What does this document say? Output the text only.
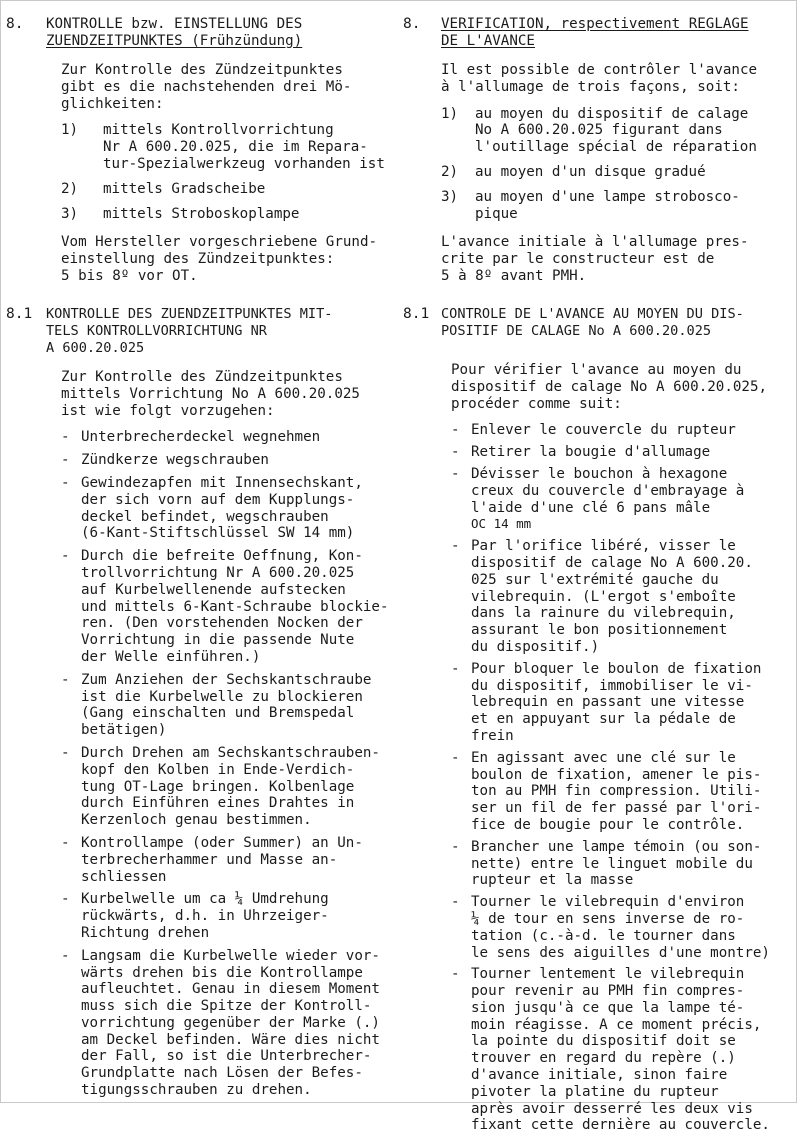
8.	8.
KONTROLLE bzw. EINSTELLUNG DES
ZUENDZEITPUNKTES (Frühzündung)
VERIFICATION, respectivement REGLAGE
DE L'AVANCE
Zur Kontrolle des Zündzeitpunktes
gibt es die nachstehenden drei Mö-
glichkeiten:
1) mittels Kontrollvorrichtung
Nr A 600.20.025, die im Repara-
tur-Spezialwerkzeug vorhanden ist
2) mittels Gradscheibe
3) mittels Stroboskoplampe
Vom Hersteller vorgeschriebene Grund-
einstellung des Zündzeitpunktes:
5 bis 8º vor OT.
Il est possible de contrôler l'avance
à l'allumage de trois façons, soit:
1) au moyen du dispositif de calage
No A 600.20.025 figurant dans
l'outillage spécial de réparation
2) au moyen d'un disque gradué
3) au moyen d'une lampe strobosco-
pique
L'avance initiale à l'allumage pres-
crite par le constructeur est de
5 à 8º avant PMH.
8.1	8.1
KONTROLLE DES ZUENDZEITPUNKTES MIT-
TELS KONTROLLVORRICHTUNG NR
A 600.20.025
CONTROLE DE L'AVANCE AU MOYEN DU DIS-
POSITIF DE CALAGE No A 600.20.025
Zur Kontrolle des Zündzeitpunktes
mittels Vorrichtung No A 600.20.025
ist wie folgt vorzugehen:
- Unterbrecherdeckel wegnehmen
- Zündkerze wegschrauben
- Gewindezapfen mit Innensechskant,
der sich vorn auf dem Kupplungs-
deckel befindet, wegschrauben
(6-Kant-Stiftschlüssel SW 14 mm)
- Durch die befreite Oeffnung, Kon-
trollvorrichtung Nr A 600.20.025
auf Kurbelwellenende aufstecken
und mittels 6-Kant-Schraube blockie-
ren. (Den vorstehenden Nocken der
Vorrichtung in die passende Nute
der Welle einführen.)
- Zum Anziehen der Sechskantschraube
ist die Kurbelwelle zu blockieren
(Gang einschalten und Bremspedal
betätigen)
- Durch Drehen am Sechskantschrauben-
kopf den Kolben in Ende-Verdich-
tung OT-Lage bringen. Kolbenlage
durch Einführen eines Drahtes in
Kerzenloch genau bestimmen.
- Kontrollampe (oder Summer) an Un-
terbrecherhammer und Masse an-
schliessen
- Kurbelwelle um ca ¼ Umdrehung
rückwärts, d.h. in Uhrzeiger-
Richtung drehen
- Langsam die Kurbelwelle wieder vor-
wärts drehen bis die Kontrollampe
aufleuchtet. Genau in diesem Moment
muss sich die Spitze der Kontroll-
vorrichtung gegenüber der Marke (.)
am Deckel befinden. Wäre dies nicht
der Fall, so ist die Unterbrecher-
Grundplatte nach Lösen der Befes-
tigungsschrauben zu drehen.
Pour vérifier l'avance au moyen du
dispositif de calage No A 600.20.025,
procéder comme suit:
- Enlever le couvercle du rupteur
- Retirer la bougie d'allumage
- Dévisser le bouchon à hexagone
creux du couvercle d'embrayage à
l'aide d'une clé 6 pans mâle
OC 14 mm
- Par l'orifice libéré, visser le
dispositif de calage No A 600.20.
025 sur l'extrémité gauche du
vilebrequin. (L'ergot s'emboîte
dans la rainure du vilebrequin,
assurant le bon positionnement
du dispositif.)
- Pour bloquer le boulon de fixation
du dispositif, immobiliser le vi-
lebrequin en passant une vitesse
et en appuyant sur la pédale de
frein
- En agissant avec une clé sur le
boulon de fixation, amener le pis-
ton au PMH fin compression. Utili-
ser un fil de fer passé par l'ori-
fice de bougie pour le contrôle.
- Brancher une lampe témoin (ou son-
nette) entre le linguet mobile du
rupteur et la masse
- Tourner le vilebrequin d'environ
¼ de tour en sens inverse de ro-
tation (c.-à-d. le tourner dans
le sens des aiguilles d'une montre)
- Tourner lentement le vilebrequin
pour revenir au PMH fin compres-
sion jusqu'à ce que la lampe té-
moin réagisse. A ce moment précis,
la pointe du dispositif doit se
trouver en regard du repère (.)
d'avance initiale, sinon faire
pivoter la platine du rupteur
après avoir desserré les deux vis
fixant cette dernière au couvercle.
